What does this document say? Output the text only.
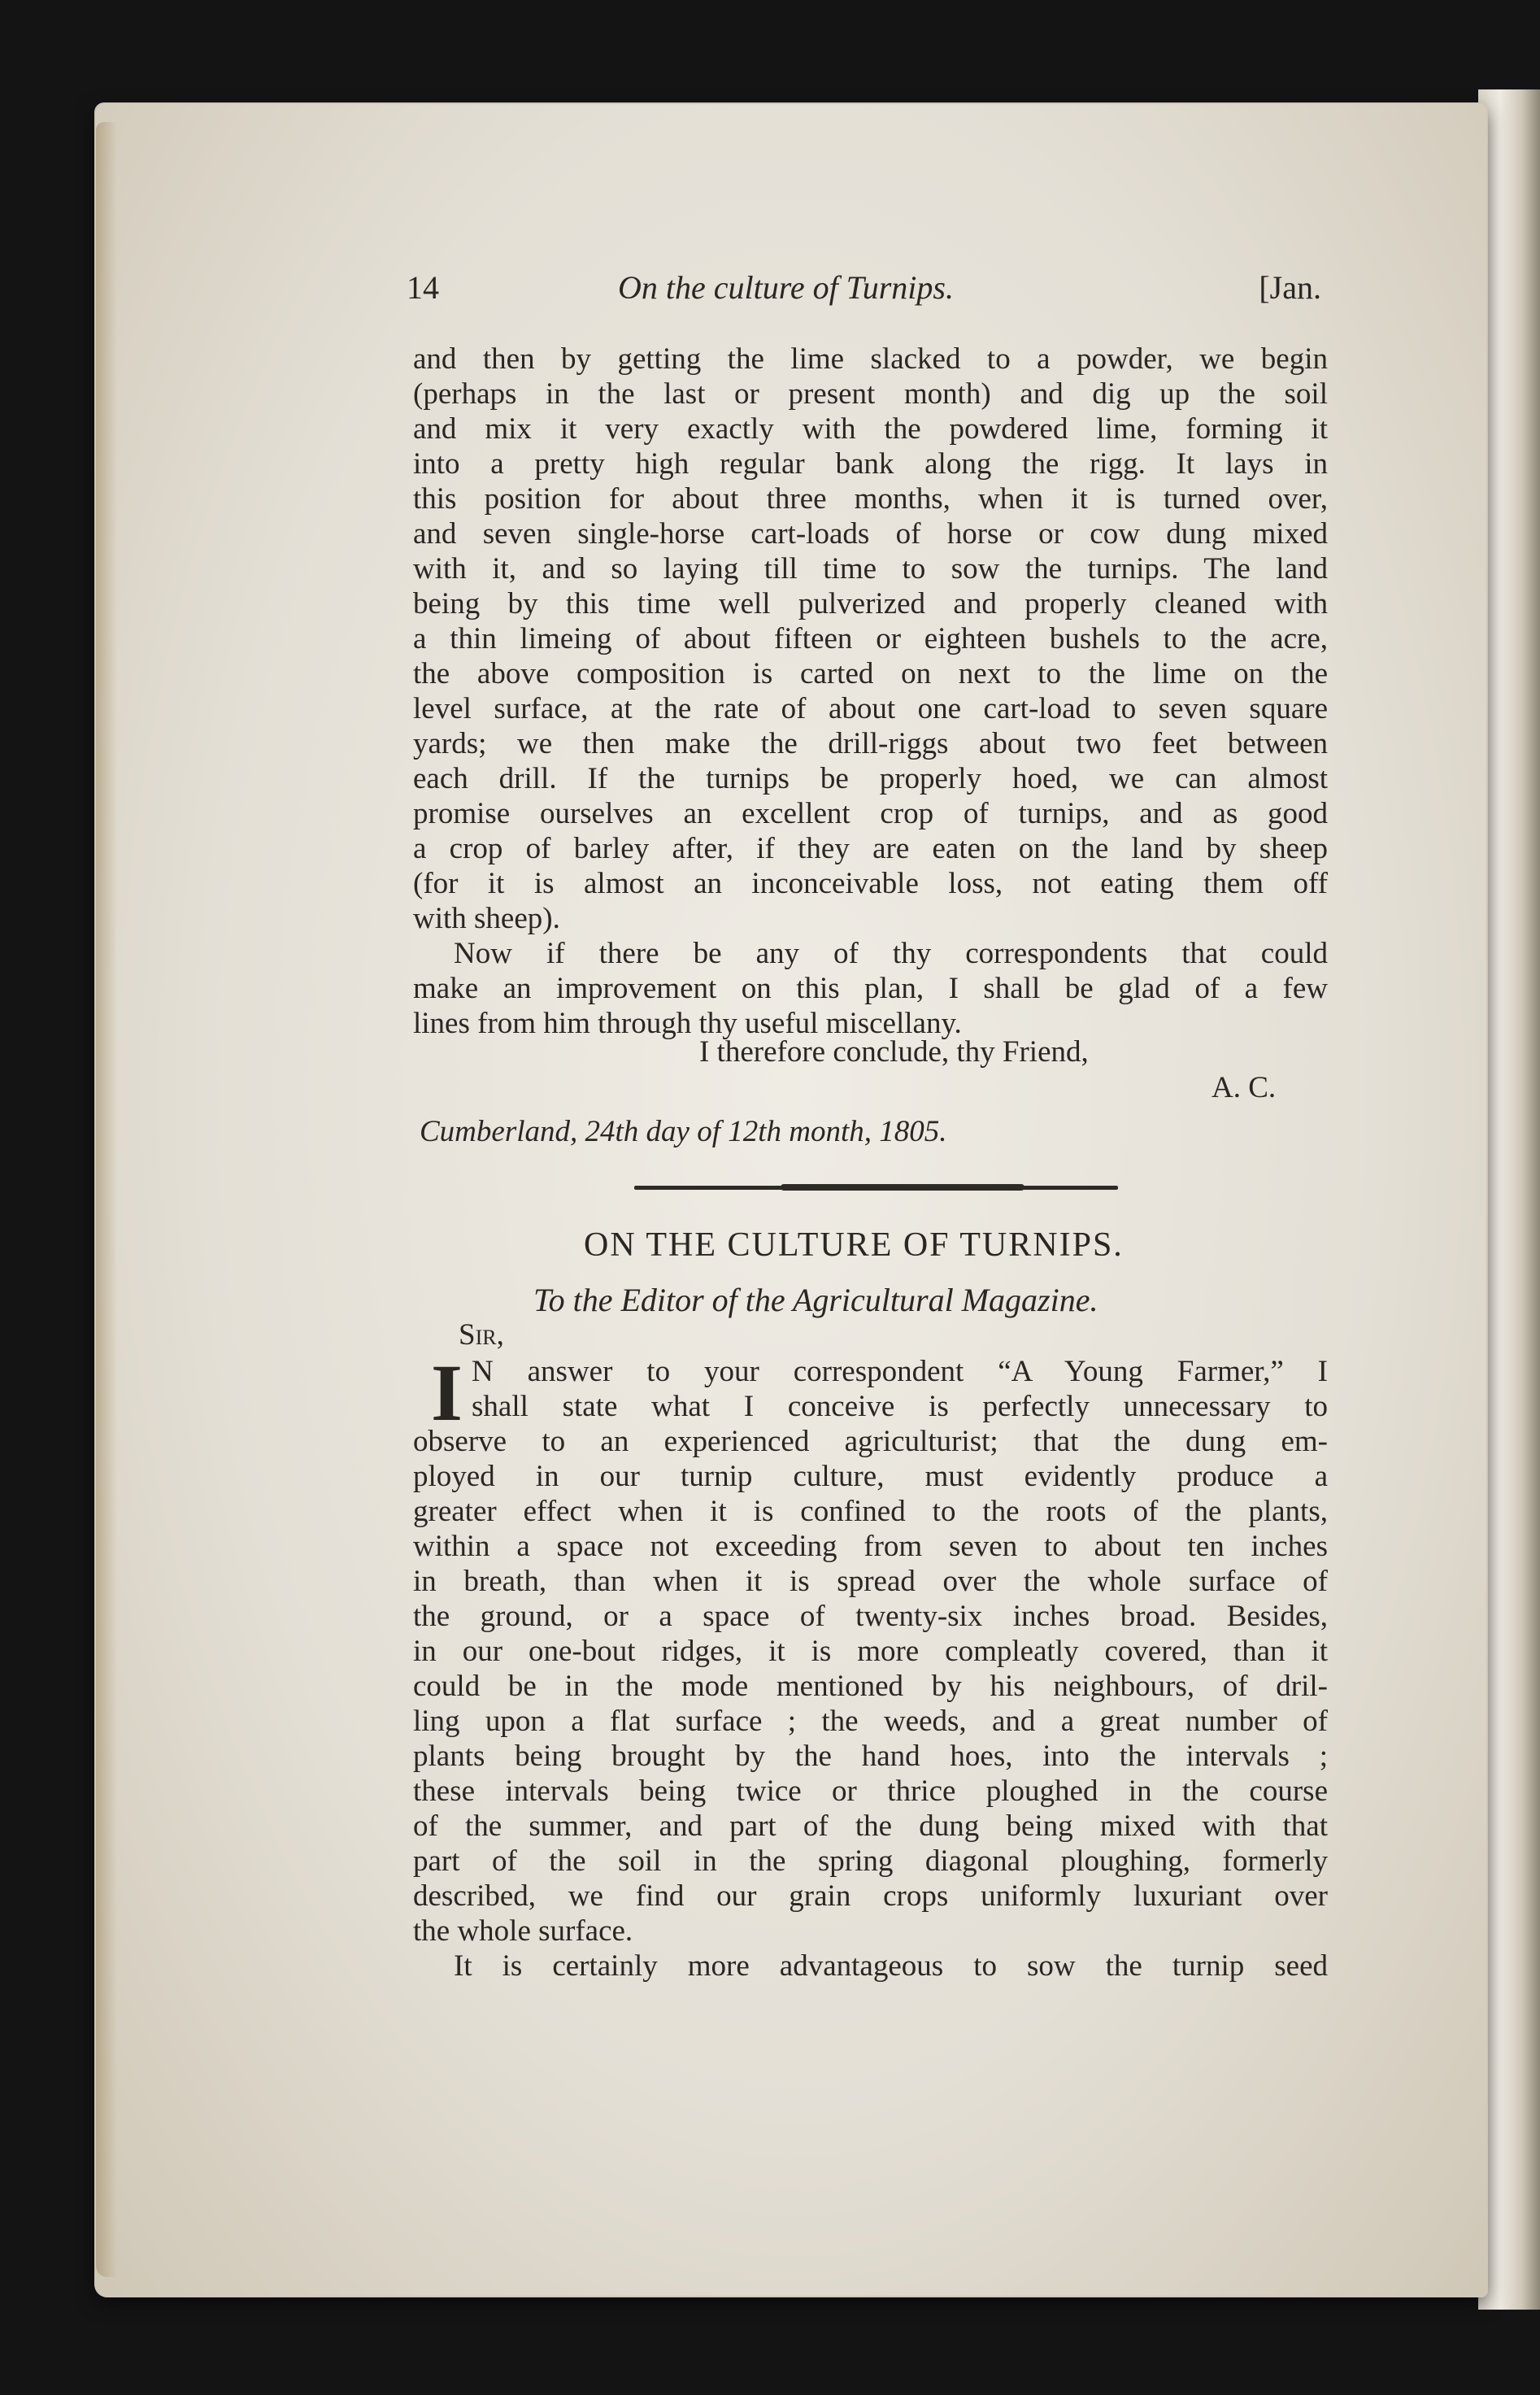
14	On the culture of Turnips.	[Jan.

and then by getting the lime slacked to a powder, we begin
(perhaps in the last or present month) and dig up the soil
and mix it very exactly with the powdered lime, forming it
into a pretty high regular bank along the rigg. It lays in
this position for about three months, when it is turned over,
and seven single-horse cart-loads of horse or cow dung mixed
with it, and so laying till time to sow the turnips. The land
being by this time well pulverized and properly cleaned with
a thin limeing of about fifteen or eighteen bushels to the acre,
the above composition is carted on next to the lime on the
level surface, at the rate of about one cart-load to seven square
yards; we then make the drill-riggs about two feet between
each drill. If the turnips be properly hoed, we can almost
promise ourselves an excellent crop of turnips, and as good
a crop of barley after, if they are eaten on the land by sheep
(for it is almost an inconceivable loss, not eating them off
with sheep).
Now if there be any of thy correspondents that could
make an improvement on this plan, I shall be glad of a few
lines from him through thy useful miscellany.

I therefore conclude, thy Friend,
A. C.
Cumberland, 24th day of 12th month, 1805.
ON THE CULTURE OF TURNIPS.
To the Editor of the Agricultural Magazine.
Sir,
I N answer to your correspondent “A Young Farmer,” I
shall state what I conceive is perfectly unnecessary to
observe to an experienced agriculturist; that the dung em-
ployed in our turnip culture, must evidently produce a
greater effect when it is confined to the roots of the plants,
within a space not exceeding from seven to about ten inches
in breath, than when it is spread over the whole surface of
the ground, or a space of twenty-six inches broad. Besides,
in our one-bout ridges, it is more compleatly covered, than it
could be in the mode mentioned by his neighbours, of dril-
ling upon a flat surface ; the weeds, and a great number of
plants being brought by the hand hoes, into the intervals ;
these intervals being twice or thrice ploughed in the course
of the summer, and part of the dung being mixed with that
part of the soil in the spring diagonal ploughing, formerly
described, we find our grain crops uniformly luxuriant over
the whole surface.
It is certainly more advantageous to sow the turnip seed
